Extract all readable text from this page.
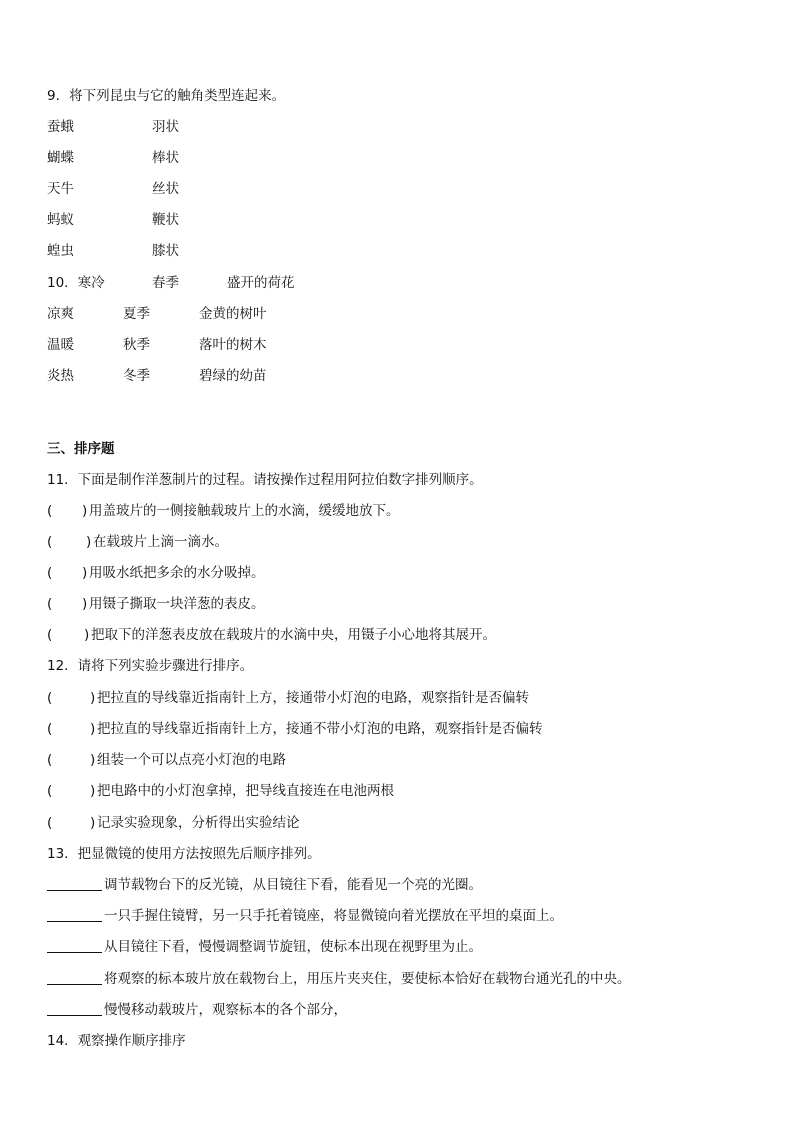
9．将下列昆虫与它的触角类型连起来。
蚕蛾	羽状
蝴蝶	棒状
天牛	丝状
蚂蚁	鞭状
蝗虫	膝状
10．寒冷	春季	盛开的荷花
凉爽	夏季	金黄的树叶
温暖	秋季	落叶的树木
炎热	冬季	碧绿的幼苗
三、排序题
11．下面是制作洋葱制片的过程。请按操作过程用阿拉伯数字排列顺序。
( ) 用盖玻片的一侧接触载玻片上的水滴，缓缓地放下。
( ) 在载玻片上滴一滴水。
( ) 用吸水纸把多余的水分吸掉。
( ) 用镊子撕取一块洋葱的表皮。
( ) 把取下的洋葱表皮放在载玻片的水滴中央，用镊子小心地将其展开。
12．请将下列实验步骤进行排序。
(	) 把拉直的导线靠近指南针上方，接通带小灯泡的电路，观察指针是否偏转
(	) 把拉直的导线靠近指南针上方，接通不带小灯泡的电路，观察指针是否偏转
(	) 组装一个可以点亮小灯泡的电路
(	) 把电路中的小灯泡拿掉，把导线直接连在电池两根
(	) 记录实验现象，分析得出实验结论
13．把显微镜的使用方法按照先后顺序排列。
调节载物台下的反光镜，从目镜往下看，能看见一个亮的光圈。
一只手握住镜臂，另一只手托着镜座，将显微镜向着光摆放在平坦的桌面上。
从目镜往下看，慢慢调整调节旋钮，使标本出现在视野里为止。
将观察的标本玻片放在载物台上，用压片夹夹住，要使标本恰好在载物台通光孔的中央。
慢慢移动载玻片，观察标本的各个部分，
14．观察操作顺序排序
